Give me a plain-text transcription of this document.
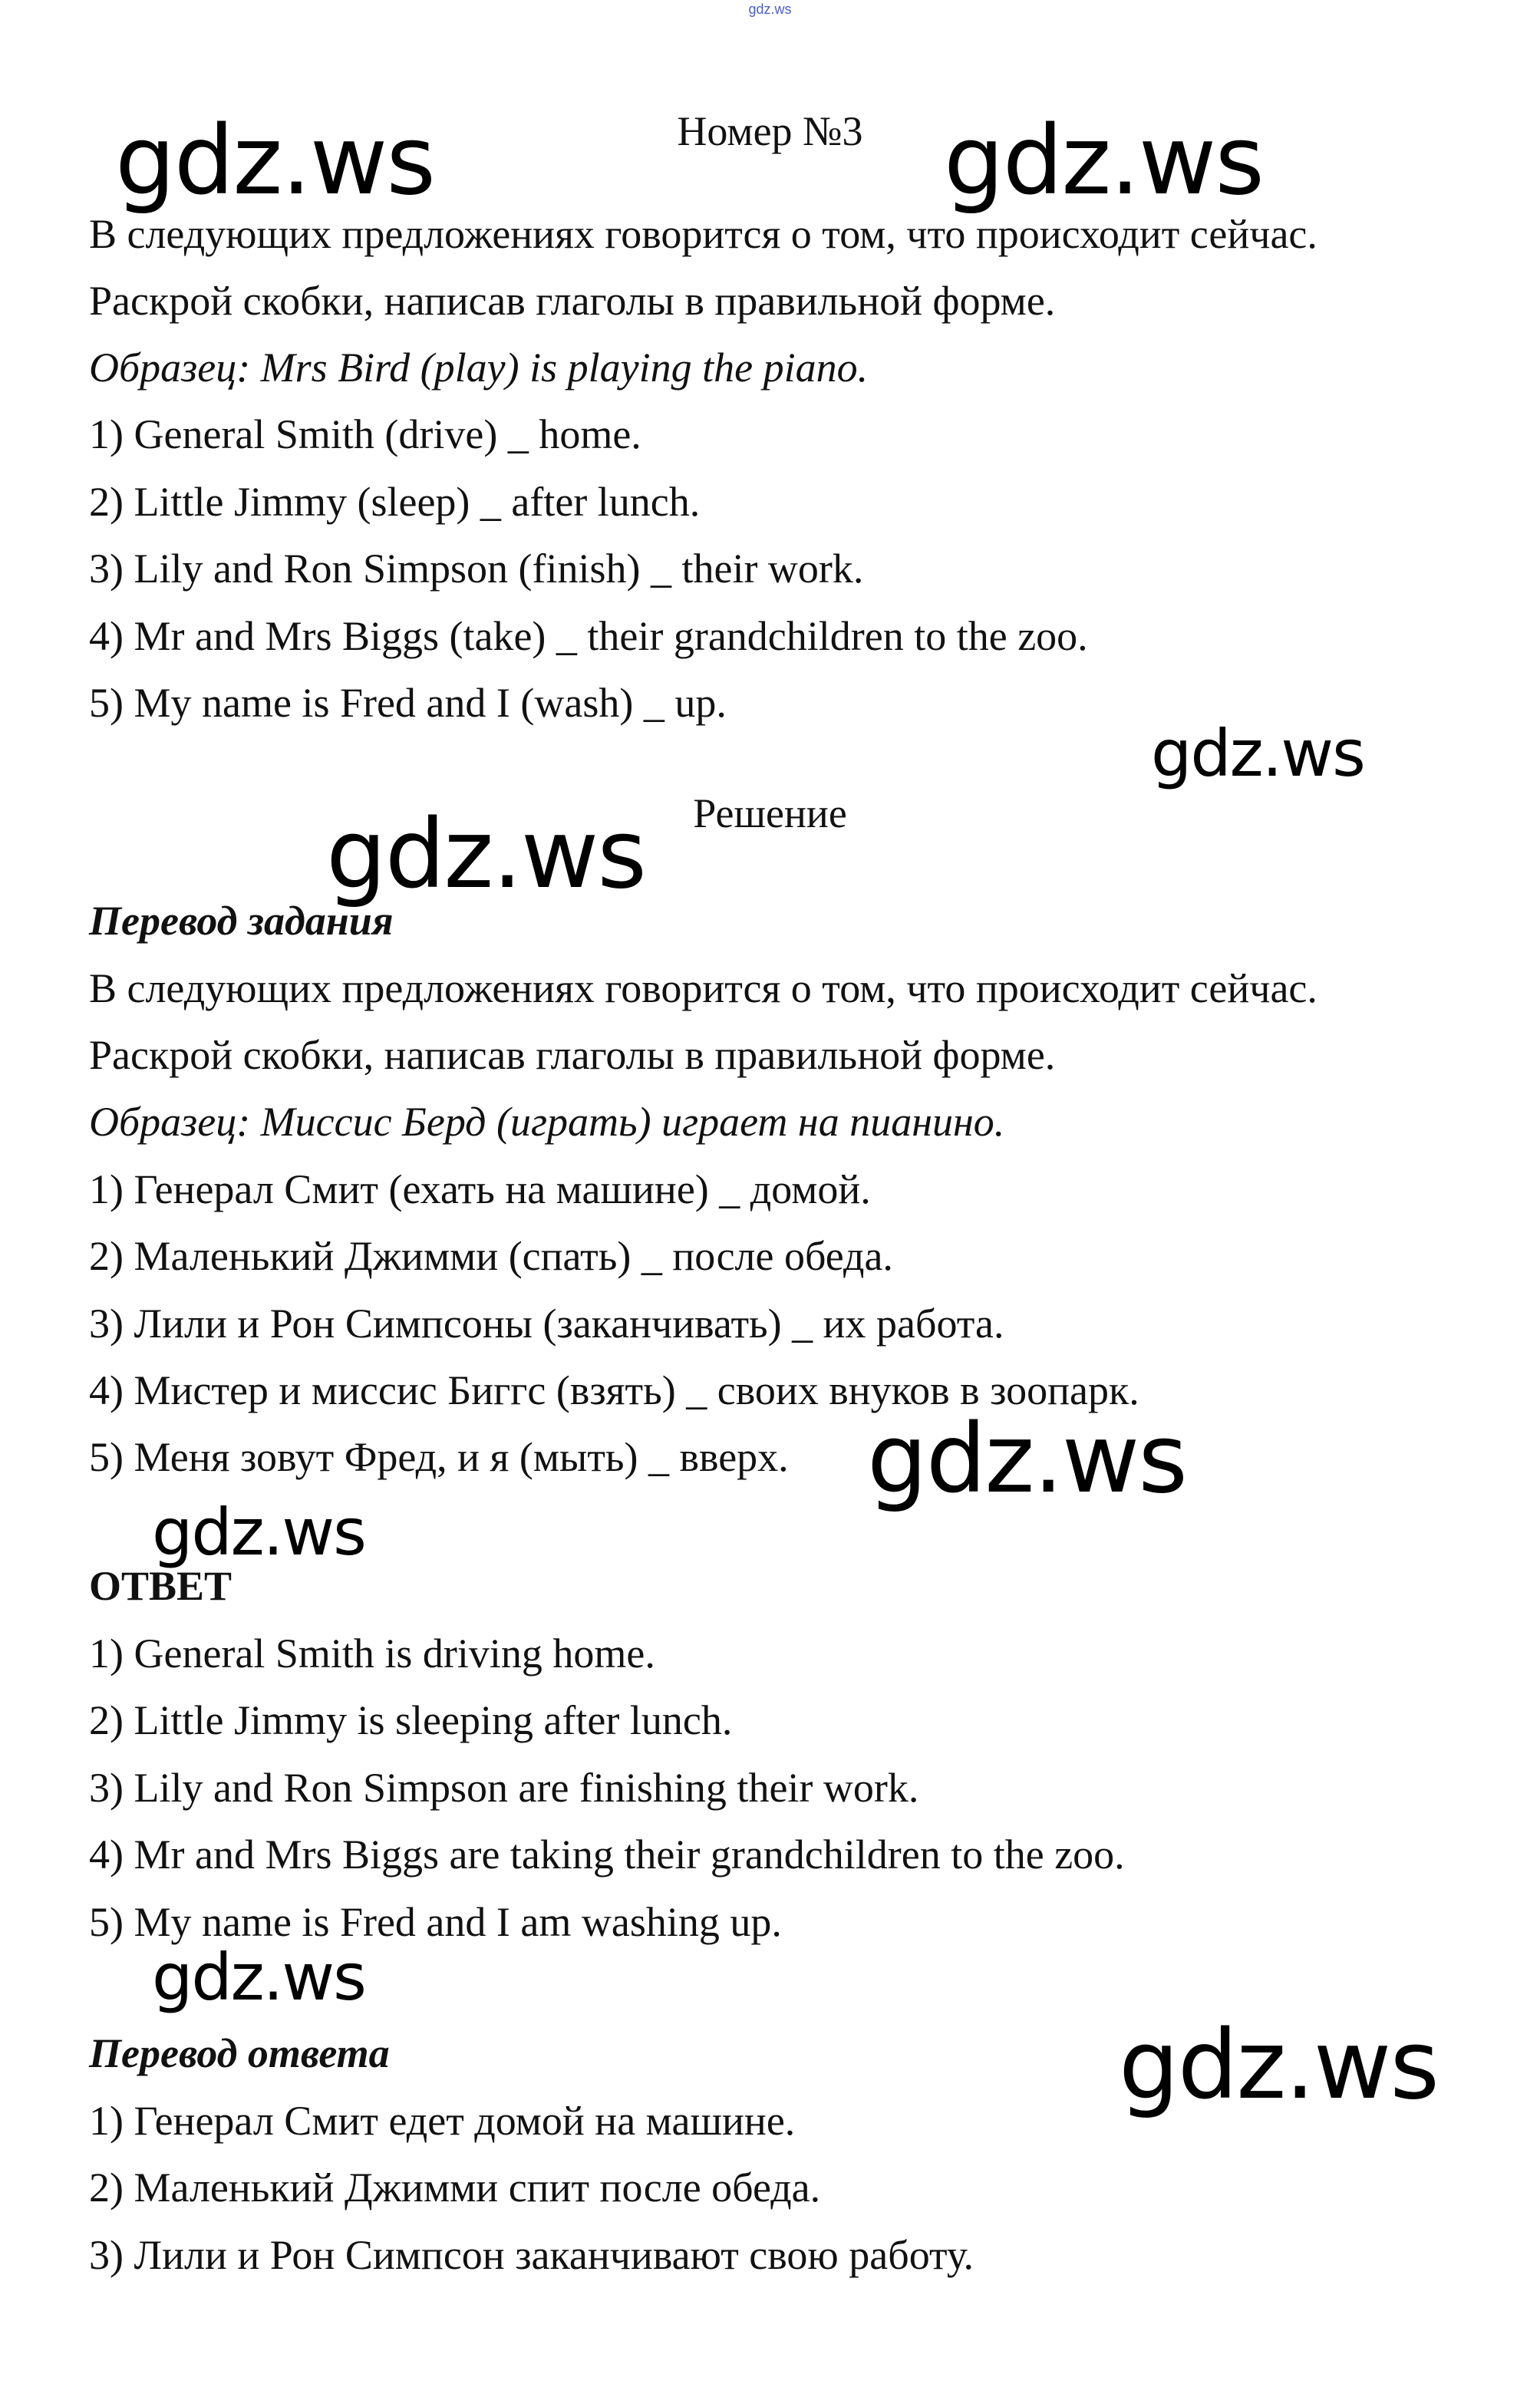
gdz.ws
Номер №3
В следующих предложениях говорится о том, что происходит сейчас.
Раскрой скобки, написав глаголы в правильной форме.
Образец: Mrs Bird (play) is playing the piano.
1) General Smith (drive) _ home.
2) Little Jimmy (sleep) _ after lunch.
3) Lily and Ron Simpson (finish) _ their work.
4) Mr and Mrs Biggs (take) _ their grandchildren to the zoo.
5) My name is Fred and I (wash) _ up.
Решение
Перевод задания
В следующих предложениях говорится о том, что происходит сейчас.
Раскрой скобки, написав глаголы в правильной форме.
Образец: Миссис Берд (играть) играет на пианино.
1) Генерал Смит (ехать на машине) _ домой.
2) Маленький Джимми (спать) _ после обеда.
3) Лили и Рон Симпсоны (заканчивать) _ их работа.
4) Мистер и миссис Биггс (взять) _ своих внуков в зоопарк.
5) Меня зовут Фред, и я (мыть) _ вверх.
ОТВЕТ
1) General Smith is driving home.
2) Little Jimmy is sleeping after lunch.
3) Lily and Ron Simpson are finishing their work.
4) Mr and Mrs Biggs are taking their grandchildren to the zoo.
5) My name is Fred and I am washing up.
Перевод ответа
1) Генерал Смит едет домой на машине.
2) Маленький Джимми спит после обеда.
3) Лили и Рон Симпсон заканчивают свою работу.
gdz.ws	gdz.ws
gdz.ws
gdz.ws
gdz.ws
gdz.ws
gdz.ws
gdz.ws
